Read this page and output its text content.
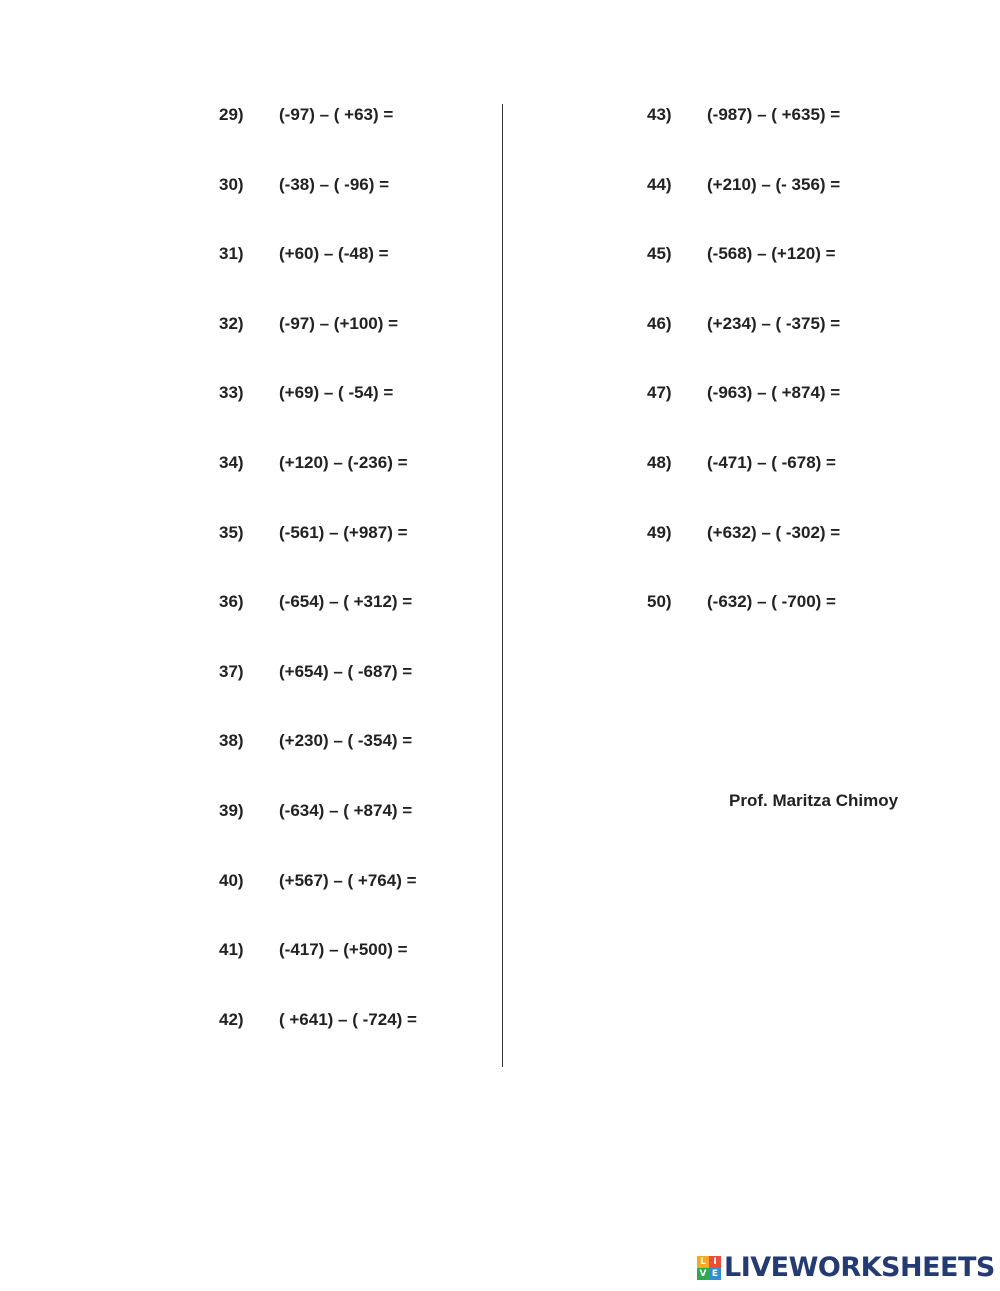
29) (-97) – ( +63) =
30) (-38) – ( -96) =
31) (+60) – (-48) =
32) (-97) – (+100) =
33) (+69) – ( -54) =
34) (+120) – (-236) =
35) (-561) – (+987) =
36) (-654) – ( +312) =
37) (+654) – ( -687) =
38) (+230) – ( -354) =
39) (-634) – ( +874) =
40) (+567) – ( +764) =
41) (-417) – (+500) =
42) ( +641) – ( -724) =
43) (-987) – ( +635) =
44) (+210) – (- 356) =
45) (-568) – (+120) =
46) (+234) – ( -375) =
47) (-963) – ( +874) =
48) (-471) – ( -678) =
49) (+632) – ( -302) =
50) (-632) – ( -700) =
Prof. Maritza Chimoy
L I
V E LIVEWORKSHEETS
